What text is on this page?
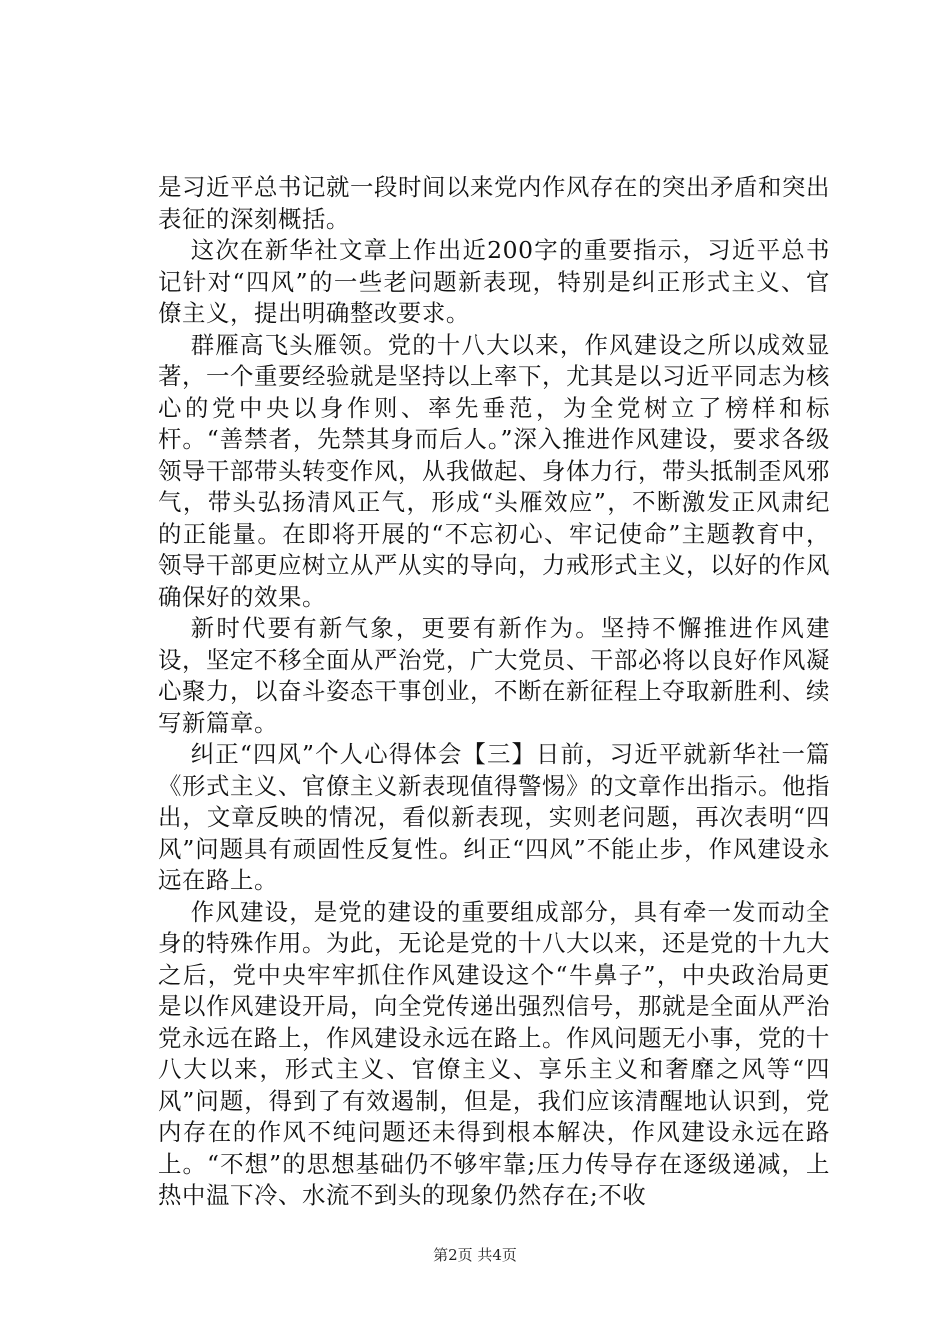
是习近平总书记就一段时间以来党内作风存在的突出矛盾和突出表征的深刻概括。

这次在新华社文章上作出近200字的重要指示，习近平总书记针对“四风”的一些老问题新表现，特别是纠正形式主义、官僚主义，提出明确整改要求。

群雁高飞头雁领。党的十八大以来，作风建设之所以成效显著，一个重要经验就是坚持以上率下，尤其是以习近平同志为核心的党中央以身作则、率先垂范，为全党树立了榜样和标杆。“善禁者，先禁其身而后人。”深入推进作风建设，要求各级领导干部带头转变作风，从我做起、身体力行，带头抵制歪风邪气，带头弘扬清风正气，形成“头雁效应”，不断激发正风肃纪的正能量。在即将开展的“不忘初心、牢记使命”主题教育中，领导干部更应树立从严从实的导向，力戒形式主义，以好的作风确保好的效果。

新时代要有新气象，更要有新作为。坚持不懈推进作风建设，坚定不移全面从严治党，广大党员、干部必将以良好作风凝心聚力，以奋斗姿态干事创业，不断在新征程上夺取新胜利、续写新篇章。

纠正“四风”个人心得体会【三】日前，习近平就新华社一篇《形式主义、官僚主义新表现值得警惕》的文章作出指示。他指出，文章反映的情况，看似新表现，实则老问题，再次表明“四风”问题具有顽固性反复性。纠正“四风”不能止步，作风建设永远在路上。

作风建设，是党的建设的重要组成部分，具有牵一发而动全身的特殊作用。为此，无论是党的十八大以来，还是党的十九大之后，党中央牢牢抓住作风建设这个“牛鼻子”，中央政治局更是以作风建设开局，向全党传递出强烈信号，那就是全面从严治党永远在路上，作风建设永远在路上。作风问题无小事，党的十八大以来，形式主义、官僚主义、享乐主义和奢靡之风等“四风”问题，得到了有效遏制，但是，我们应该清醒地认识到，党内存在的作风不纯问题还未得到根本解决，作风建设永远在路上。“不想”的思想基础仍不够牢靠;压力传导存在逐级递减，上热中温下冷、水流不到头的现象仍然存在;不收

第2页 共4页
